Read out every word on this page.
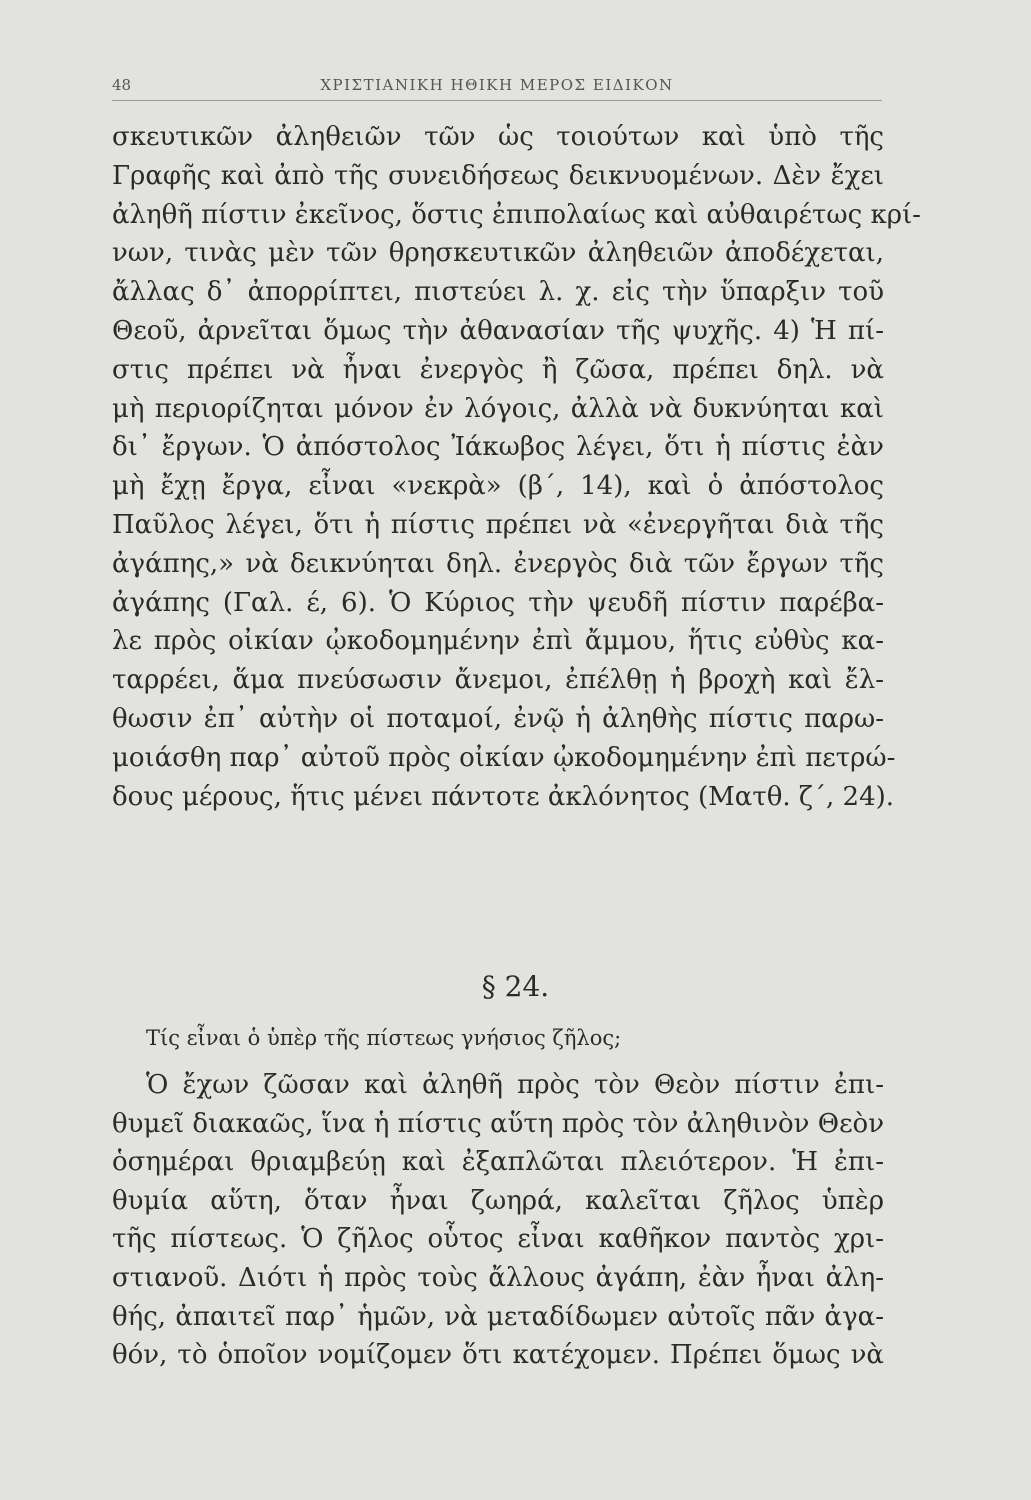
48	ΧΡΙΣΤΙΑΝΙΚΗ ΗΘΙΚΗ ΜΕΡΟΣ ΕΙΔΙΚΟΝ
σκευτικῶν ἀληθειῶν τῶν ὡς τοιούτων καὶ ὑπὸ τῆς
Γραφῆς καὶ ἀπὸ τῆς συνειδήσεως δεικνυομένων. Δὲν ἔχει
ἀληθῆ πίστιν ἐκεῖνος, ὅστις ἐπιπολαίως καὶ αὐθαιρέτως κρί-
νων, τινὰς μὲν τῶν θρησκευτικῶν ἀληθειῶν ἀποδέχεται,
ἄλλας δ᾽ ἀπορρίπτει, πιστεύει λ. χ. εἰς τὴν ὕπαρξιν τοῦ
Θεοῦ, ἀρνεῖται ὅμως τὴν ἀθανασίαν τῆς ψυχῆς. 4) Ἡ πί-
στις πρέπει νὰ ἦναι ἐνεργὸς ἢ ζῶσα, πρέπει δηλ. νὰ
μὴ περιορίζηται μόνον ἐν λόγοις, ἀλλὰ νὰ δυκνύηται καὶ
δι᾽ ἔργων. Ὁ ἀπόστολος Ἰάκωβος λέγει, ὅτι ἡ πίστις ἐὰν
μὴ ἔχῃ ἔργα, εἶναι «νεκρὰ» (β΄, 14), καὶ ὁ ἀπόστολος
Παῦλος λέγει, ὅτι ἡ πίστις πρέπει νὰ «ἐνεργῆται διὰ τῆς
ἀγάπης,» νὰ δεικνύηται δηλ. ἐνεργὸς διὰ τῶν ἔργων τῆς
ἀγάπης (Γαλ. έ, 6). Ὁ Κύριος τὴν ψευδῆ πίστιν παρέβα-
λε πρὸς οἰκίαν ᾠκοδομημένην ἐπὶ ἄμμου, ἥτις εὐθὺς κα-
ταρρέει, ἅμα πνεύσωσιν ἄνεμοι, ἐπέλθῃ ἡ βροχὴ καὶ ἔλ-
θωσιν ἐπ᾽ αὐτὴν οἱ ποταμοί, ἐνῷ ἡ ἀληθὴς πίστις παρω-
μοιάσθη παρ᾽ αὐτοῦ πρὸς οἰκίαν ᾠκοδομημένην ἐπὶ πετρώ-
δους μέρους, ἥτις μένει πάντοτε ἀκλόνητος (Ματθ. ζ΄, 24).
§ 24.
Τίς εἶναι ὁ ὑπὲρ τῆς πίστεως γνήσιος ζῆλος;
Ὁ ἔχων ζῶσαν καὶ ἀληθῆ πρὸς τὸν Θεὸν πίστιν ἐπι-
θυμεῖ διακαῶς, ἵνα ἡ πίστις αὕτη πρὸς τὸν ἀληθινὸν Θεὸν
ὁσημέραι θριαμβεύῃ καὶ ἐξαπλῶται πλειότερον. Ἡ ἐπι-
θυμία αὕτη, ὅταν ἦναι ζωηρά, καλεῖται ζῆλος ὑπὲρ
τῆς πίστεως. Ὁ ζῆλος οὗτος εἶναι καθῆκον παντὸς χρι-
στιανοῦ. Διότι ἡ πρὸς τοὺς ἄλλους ἀγάπη, ἐὰν ἦναι ἀλη-
θής, ἀπαιτεῖ παρ᾽ ἡμῶν, νὰ μεταδίδωμεν αὐτοῖς πᾶν ἀγα-
θόν, τὸ ὁποῖον νομίζομεν ὅτι κατέχομεν. Πρέπει ὅμως νὰ
